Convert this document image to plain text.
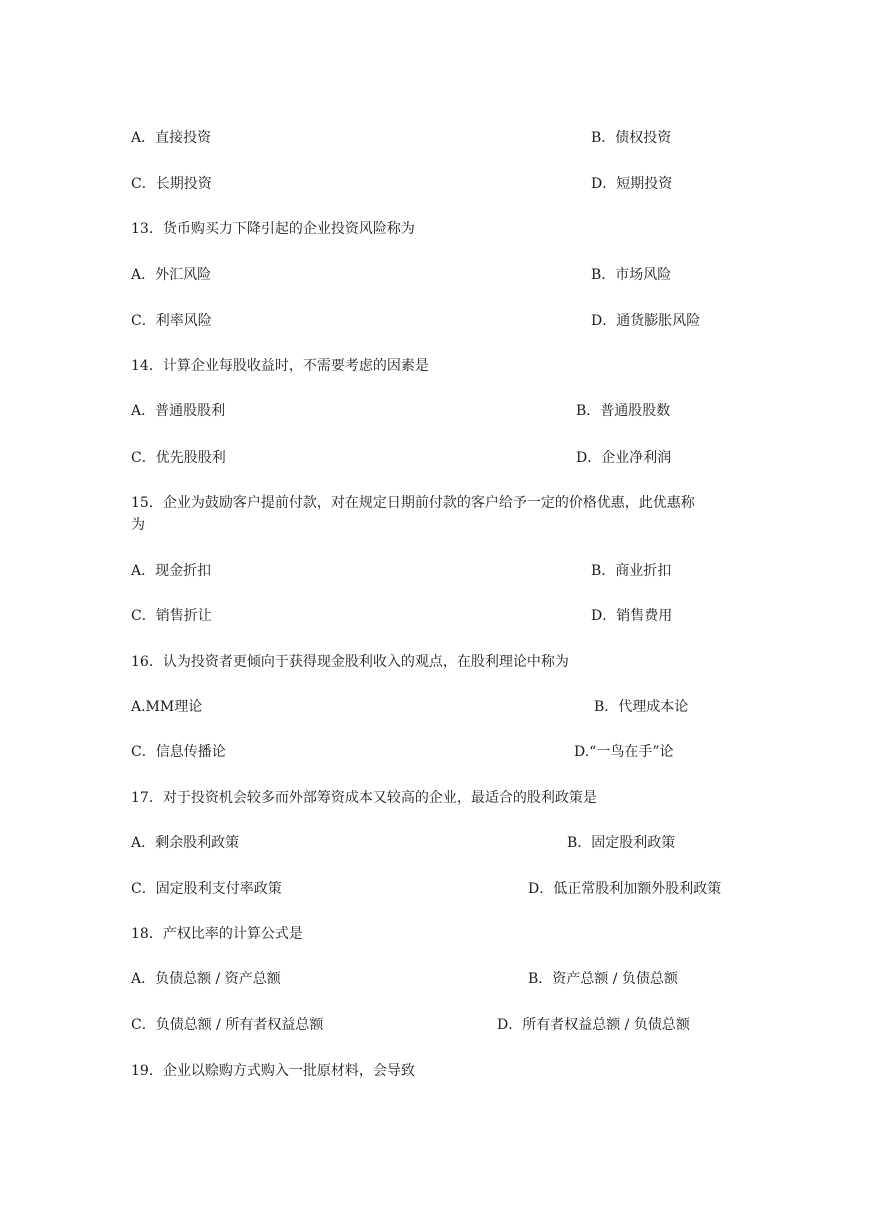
A．直接投资	B．债权投资
C．长期投资	D．短期投资
13．货币购买力下降引起的企业投资风险称为
A．外汇风险	B．市场风险
C．利率风险	D．通货膨胀风险
14．计算企业每股收益时，不需要考虑的因素是
A．普通股股利	B．普通股股数
C．优先股股利	D．企业净利润
15．企业为鼓励客户提前付款，对在规定日期前付款的客户给予一定的价格优惠，此优惠称
为
A．现金折扣	B．商业折扣
C．销售折让	D．销售费用
16．认为投资者更倾向于获得现金股利收入的观点，在股利理论中称为
A.MM理论	B．代理成本论
C．信息传播论	D.“一鸟在手”论
17．对于投资机会较多而外部筹资成本又较高的企业，最适合的股利政策是
A．剩余股利政策	B．固定股利政策
C．固定股利支付率政策	D．低正常股利加额外股利政策
18．产权比率的计算公式是
A．负债总额 / 资产总额	B．资产总额 / 负债总额
C．负债总额 / 所有者权益总额	D．所有者权益总额 / 负债总额
19．企业以赊购方式购入一批原材料，会导致
